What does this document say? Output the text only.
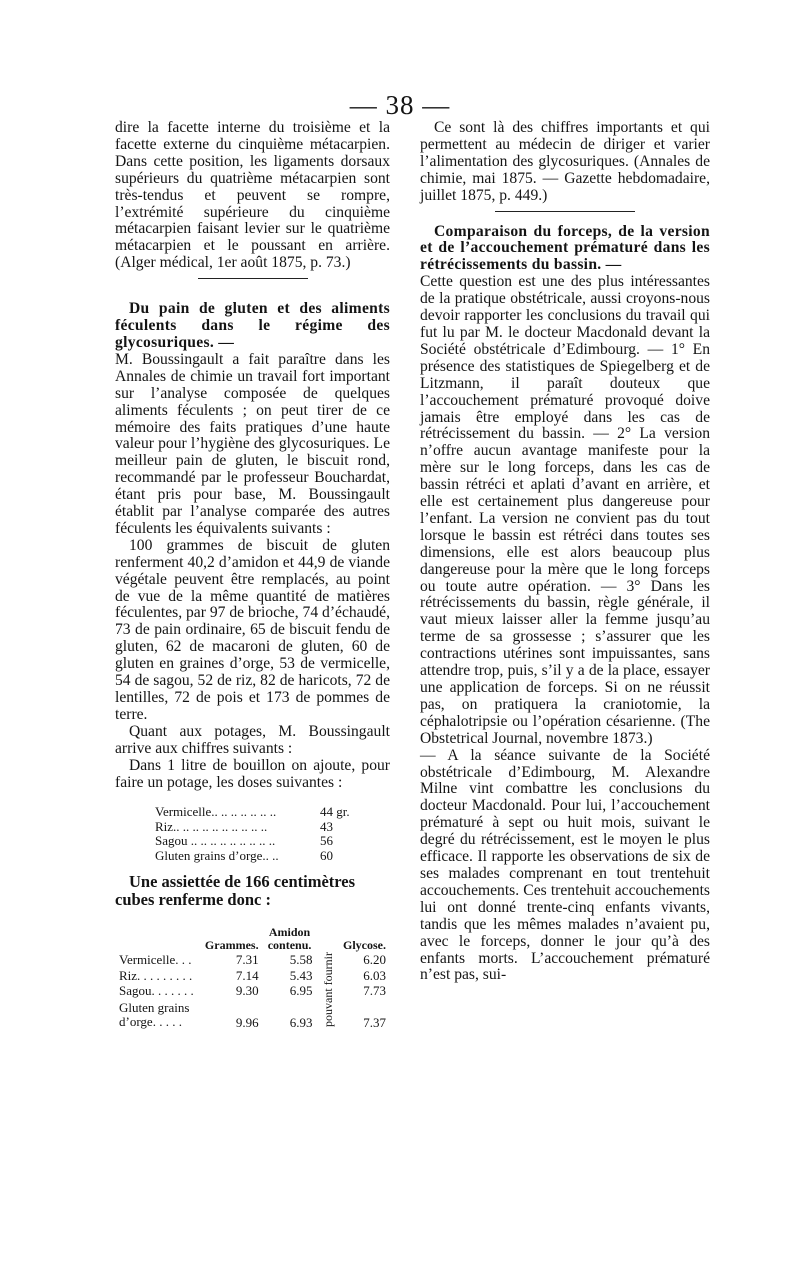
— 38 —

dire la facette interne du troisième et la facette externe du cinquième métacarpien. Dans cette position, les ligaments dorsaux supérieurs du quatrième métacarpien sont très-tendus et peuvent se rompre, l’extrémité supérieure du cinquième métacarpien faisant levier sur le quatrième métacarpien et le poussant en arrière. (Alger médical, 1er août 1875, p. 73.)

Du pain de gluten et des aliments féculents dans le régime des glycosuriques. —

M. Boussingault a fait paraître dans les Annales de chimie un travail fort important sur l’analyse composée de quelques aliments féculents ; on peut tirer de ce mémoire des faits pratiques d’une haute valeur pour l’hygiène des glycosuriques. Le meilleur pain de gluten, le biscuit rond, recommandé par le professeur Bouchardat, étant pris pour base, M. Boussingault établit par l’analyse comparée des autres féculents les équivalents suivants :

100 grammes de biscuit de gluten renferment 40,2 d’amidon et 44,9 de viande végétale peuvent être remplacés, au point de vue de la même quantité de matières féculentes, par 97 de brioche, 74 d’échaudé, 73 de pain ordinaire, 65 de biscuit fendu de gluten, 62 de macaroni de gluten, 60 de gluten en graines d’orge, 53 de vermicelle, 54 de sagou, 52 de riz, 82 de haricots, 72 de lentilles, 72 de pois et 173 de pommes de terre.

Quant aux potages, M. Boussingault arrive aux chiffres suivants :

Dans 1 litre de bouillon on ajoute, pour faire un potage, les doses suivantes :

Vermicelle.. .. .. .. .. .. ..	44 gr.
Riz.. .. .. .. .. .. .. .. .. ..	43
Sagou .. .. .. .. .. .. .. .. ..	56
Gluten grains d’orge.. ..	60

Une assiettée de 166 centimètres cubes renferme donc :

	Grammes.	Amidon contenu.		Glycose.
Vermicelle. . .	7.31	5.58	pouvant fournir	6.20
Riz. . . . . . . . .	7.14	5.43		6.03
Sagou. . . . . . .	9.30	6.95		7.73
Gluten grains d’orge. . . . .	9.96	6.93		7.37

Ce sont là des chiffres importants et qui permettent au médecin de diriger et varier l’alimentation des glycosuriques. (Annales de chimie, mai 1875. — Gazette hebdomadaire, juillet 1875, p. 449.)

Comparaison du forceps, de la version et de l’accouchement prématuré dans les rétrécissements du bassin. —

Cette question est une des plus intéressantes de la pratique obstétricale, aussi croyons-nous devoir rapporter les conclusions du travail qui fut lu par M. le docteur Macdonald devant la Société obstétricale d’Edimbourg. — 1° En présence des statistiques de Spiegelberg et de Litzmann, il paraît douteux que l’accouchement prématuré provoqué doive jamais être employé dans les cas de rétrécissement du bassin. — 2° La version n’offre aucun avantage manifeste pour la mère sur le long forceps, dans les cas de bassin rétréci et aplati d’avant en arrière, et elle est certainement plus dangereuse pour l’enfant. La version ne convient pas du tout lorsque le bassin est rétréci dans toutes ses dimensions, elle est alors beaucoup plus dangereuse pour la mère que le long forceps ou toute autre opération. — 3° Dans les rétrécissements du bassin, règle générale, il vaut mieux laisser aller la femme jusqu’au terme de sa grossesse ; s’assurer que les contractions utérines sont impuissantes, sans attendre trop, puis, s’il y a de la place, essayer une application de forceps. Si on ne réussit pas, on pratiquera la craniotomie, la céphalotripsie ou l’opération césarienne. (The Obstetrical Journal, novembre 1873.)

— A la séance suivante de la Société obstétricale d’Edimbourg, M. Alexandre Milne vint combattre les conclusions du docteur Macdonald. Pour lui, l’accouchement prématuré à sept ou huit mois, suivant le degré du rétrécissement, est le moyen le plus efficace. Il rapporte les observations de six de ses malades comprenant en tout trentehuit accouchements. Ces trentehuit accouchements lui ont donné trente-cinq enfants vivants, tandis que les mêmes malades n’avaient pu, avec le forceps, donner le jour qu’à des enfants morts. L’accouchement prématuré n’est pas, sui-
